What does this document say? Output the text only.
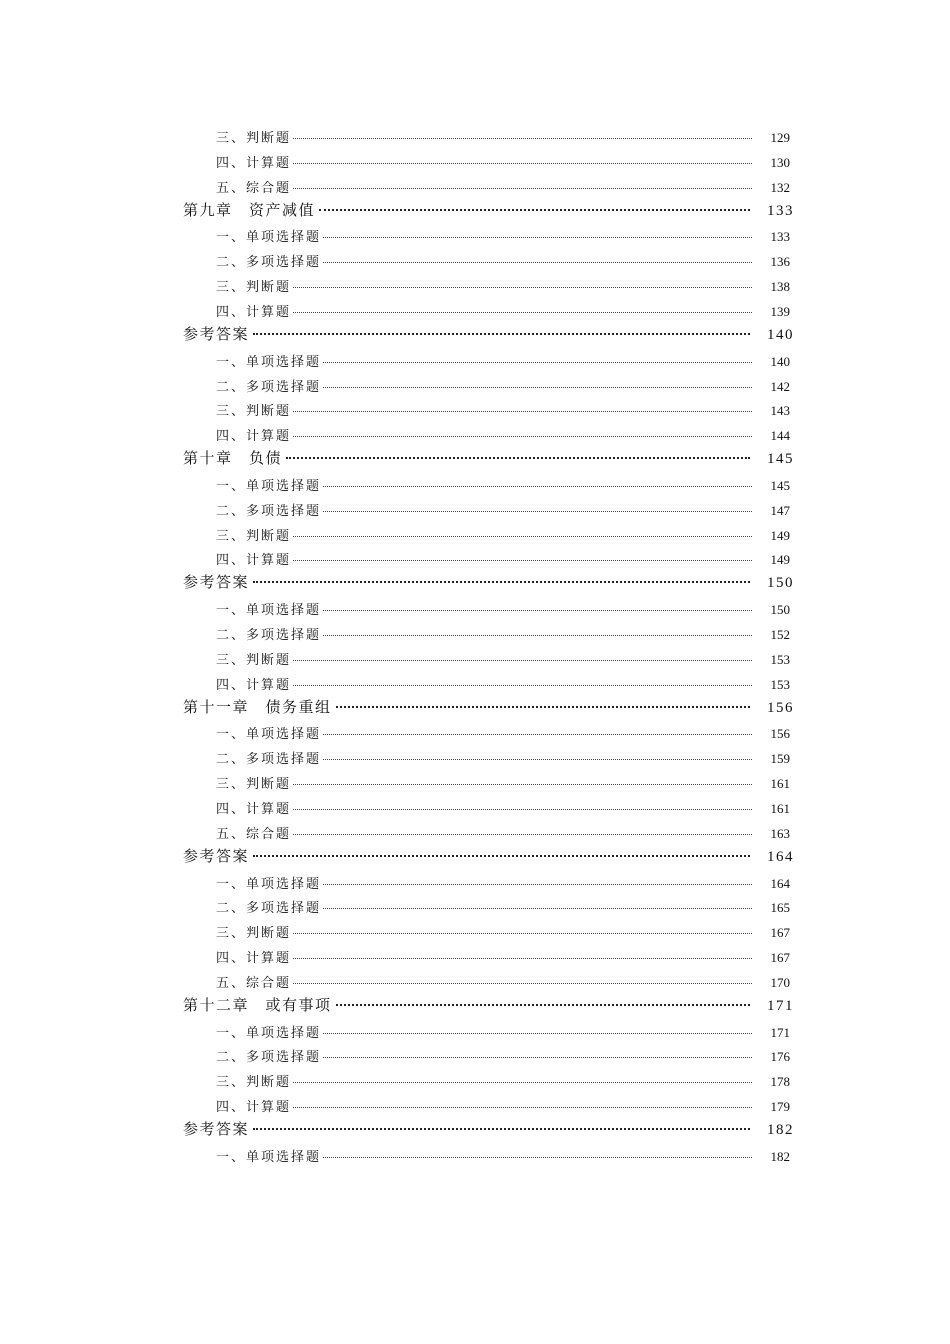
三、判断题	129
四、计算题	130
五、综合题	132
第九章　资产减值	133
一、单项选择题	133
二、多项选择题	136
三、判断题	138
四、计算题	139
参考答案	140
一、单项选择题	140
二、多项选择题	142
三、判断题	143
四、计算题	144
第十章　负债	145
一、单项选择题	145
二、多项选择题	147
三、判断题	149
四、计算题	149
参考答案	150
一、单项选择题	150
二、多项选择题	152
三、判断题	153
四、计算题	153
第十一章　债务重组	156
一、单项选择题	156
二、多项选择题	159
三、判断题	161
四、计算题	161
五、综合题	163
参考答案	164
一、单项选择题	164
二、多项选择题	165
三、判断题	167
四、计算题	167
五、综合题	170
第十二章　或有事项	171
一、单项选择题	171
二、多项选择题	176
三、判断题	178
四、计算题	179
参考答案	182
一、单项选择题	182
